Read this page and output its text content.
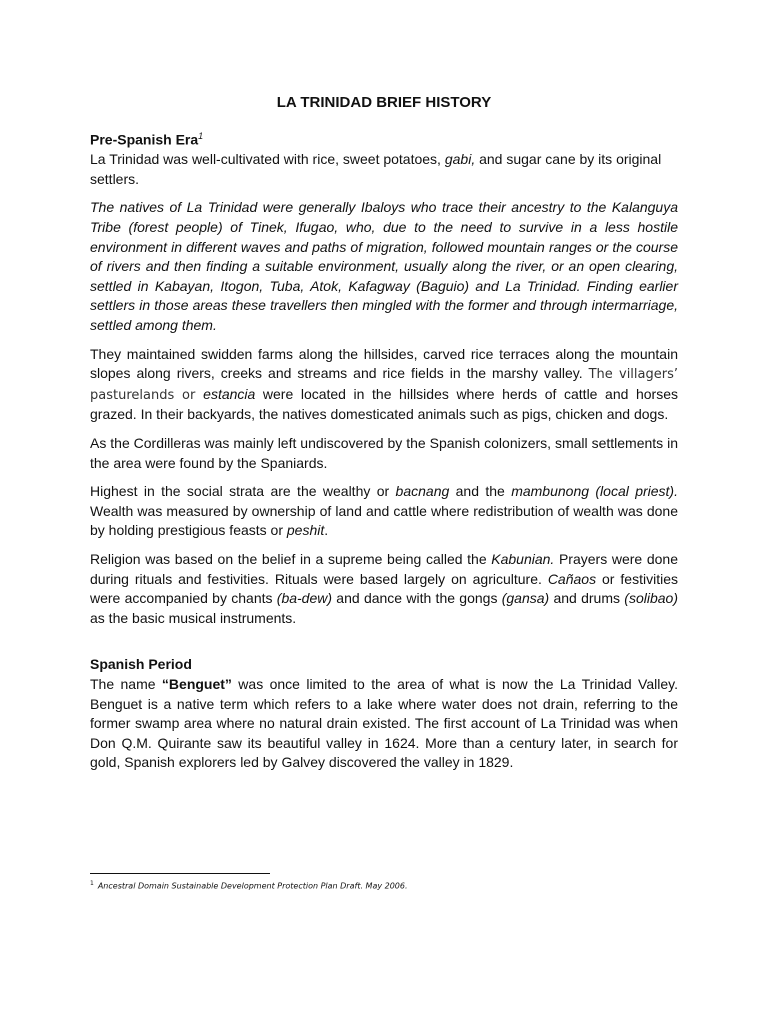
LA TRINIDAD BRIEF HISTORY
Pre-Spanish Era$^1$

La Trinidad was well-cultivated with rice, sweet potatoes, gabi, and sugar cane by its original settlers.

The natives of La Trinidad were generally Ibaloys who trace their ancestry to the Kalanguya Tribe (forest people) of Tinek, Ifugao, who, due to the need to survive in a less hostile environment in different waves and paths of migration, followed mountain ranges or the course of rivers and then finding a suitable environment, usually along the river, or an open clearing, settled in Kabayan, Itogon, Tuba, Atok, Kafagway (Baguio) and La Trinidad. Finding earlier settlers in those areas these travellers then mingled with the former and through intermarriage, settled among them.

They maintained swidden farms along the hillsides, carved rice terraces along the mountain slopes along rivers, creeks and streams and rice fields in the marshy valley. The villagers’ pasturelands or estancia were located in the hillsides where herds of cattle and horses grazed. In their backyards, the natives domesticated animals such as pigs, chicken and dogs.

As the Cordilleras was mainly left undiscovered by the Spanish colonizers, small settlements in the area were found by the Spaniards.

Highest in the social strata are the wealthy or bacnang and the mambunong (local priest). Wealth was measured by ownership of land and cattle where redistribution of wealth was done by holding prestigious feasts or peshit.

Religion was based on the belief in a supreme being called the Kabunian. Prayers were done during rituals and festivities. Rituals were based largely on agriculture. Cañaos or festivities were accompanied by chants (ba-dew) and dance with the gongs (gansa) and drums (solibao) as the basic musical instruments.

Spanish Period

The name “Benguet” was once limited to the area of what is now the La Trinidad Valley. Benguet is a native term which refers to a lake where water does not drain, referring to the former swamp area where no natural drain existed. The first account of La Trinidad was when Don Q.M. Quirante saw its beautiful valley in 1624. More than a century later, in search for gold, Spanish explorers led by Galvey discovered the valley in 1829.

$^1$ Ancestral Domain Sustainable Development Protection Plan Draft. May 2006.
